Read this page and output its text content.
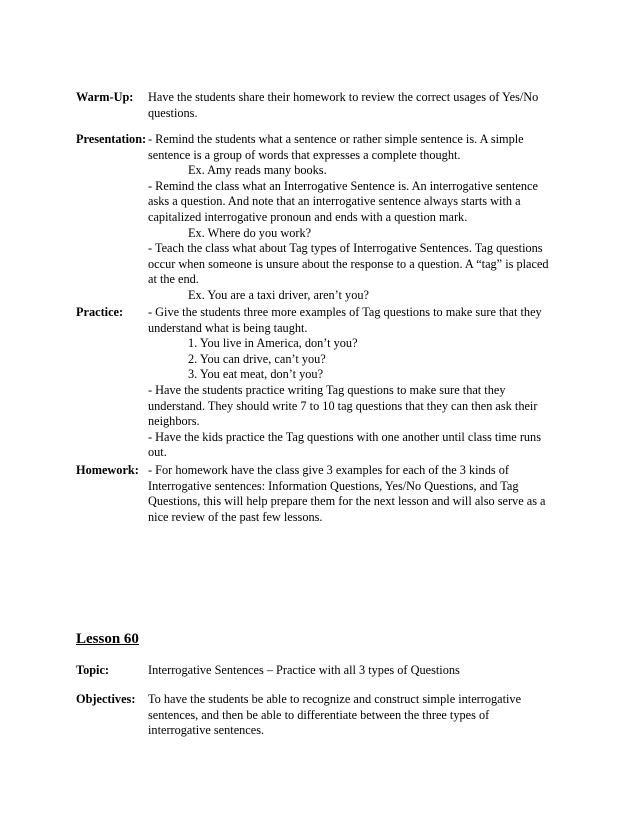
Warm-Up:	Have the students share their homework to review the correct usages of Yes/No
questions.
Presentation: - Remind the students what a sentence or rather simple sentence is. A simple
sentence is a group of words that expresses a complete thought.
Ex. Amy reads many books.
- Remind the class what an Interrogative Sentence is. An interrogative sentence
asks a question. And note that an interrogative sentence always starts with a
capitalized interrogative pronoun and ends with a question mark.
Ex. Where do you work?
- Teach the class what about Tag types of Interrogative Sentences. Tag questions
occur when someone is unsure about the response to a question. A “tag” is placed
at the end.
Ex. You are a taxi driver, aren’t you?
Practice:	- Give the students three more examples of Tag questions to make sure that they
understand what is being taught.
1. You live in America, don’t you?
2. You can drive, can’t you?
3. You eat meat, don’t you?
- Have the students practice writing Tag questions to make sure that they
understand. They should write 7 to 10 tag questions that they can then ask their
neighbors.
- Have the kids practice the Tag questions with one another until class time runs
out.
Homework: - For homework have the class give 3 examples for each of the 3 kinds of
Interrogative sentences: Information Questions, Yes/No Questions, and Tag
Questions, this will help prepare them for the next lesson and will also serve as a
nice review of the past few lessons.
Lesson 60
Topic:	Interrogative Sentences – Practice with all 3 types of Questions
Objectives:	To have the students be able to recognize and construct simple interrogative
sentences, and then be able to differentiate between the three types of
interrogative sentences.
